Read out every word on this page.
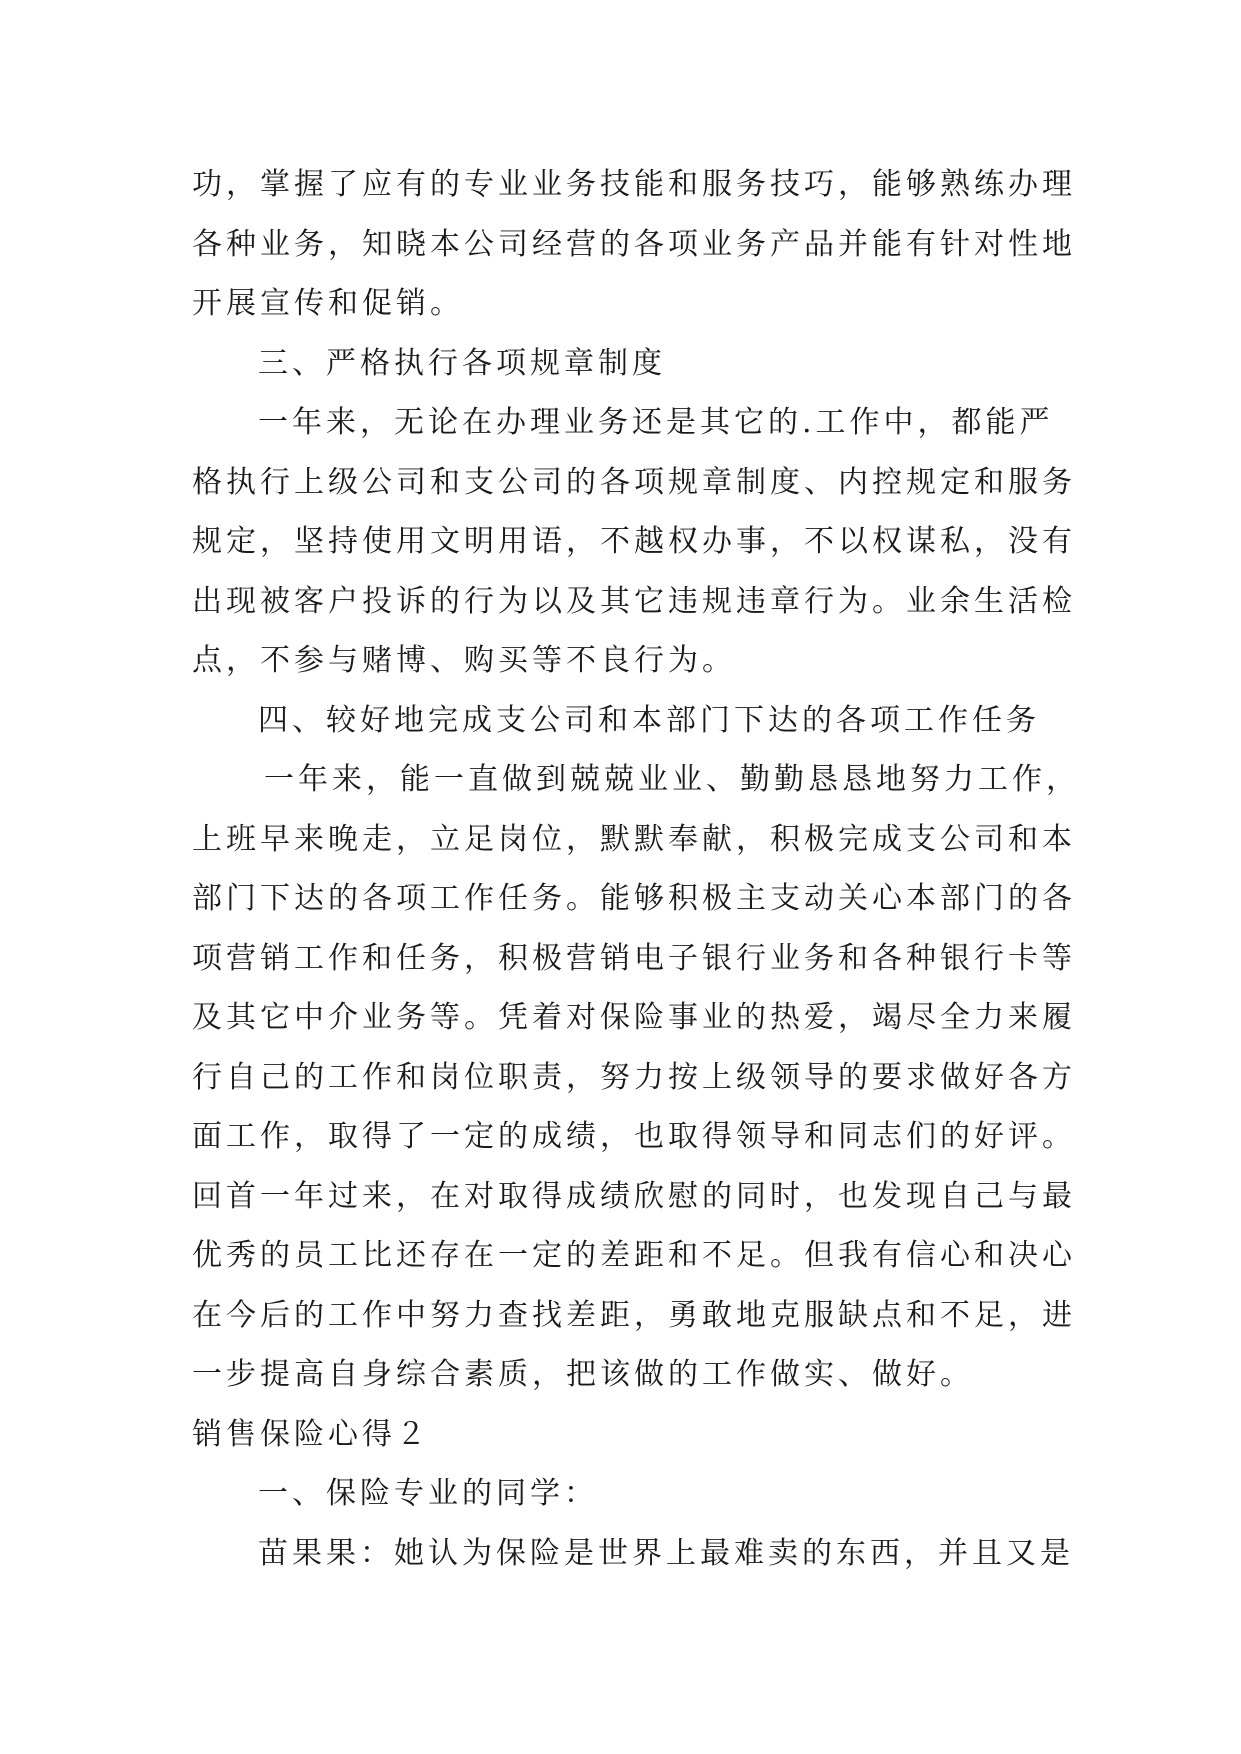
功，掌握了应有的专业业务技能和服务技巧，能够熟练办理
各种业务，知晓本公司经营的各项业务产品并能有针对性地
开展宣传和促销。
三、严格执行各项规章制度
一年来，无论在办理业务还是其它的.工作中，都能严
格执行上级公司和支公司的各项规章制度、内控规定和服务
规定，坚持使用文明用语，不越权办事，不以权谋私，没有
出现被客户投诉的行为以及其它违规违章行为。业余生活检
点，不参与赌博、购买等不良行为。
四、较好地完成支公司和本部门下达的各项工作任务
一年来，能一直做到兢兢业业、勤勤恳恳地努力工作，
上班早来晚走，立足岗位，默默奉献，积极完成支公司和本
部门下达的各项工作任务。能够积极主支动关心本部门的各
项营销工作和任务，积极营销电子银行业务和各种银行卡等
及其它中介业务等。凭着对保险事业的热爱，竭尽全力来履
行自己的工作和岗位职责，努力按上级领导的要求做好各方
面工作，取得了一定的成绩，也取得领导和同志们的好评。
回首一年过来，在对取得成绩欣慰的同时，也发现自己与最
优秀的员工比还存在一定的差距和不足。但我有信心和决心
在今后的工作中努力查找差距，勇敢地克服缺点和不足，进
一步提高自身综合素质，把该做的工作做实、做好。
销售保险心得２
一、保险专业的同学：
苗果果：她认为保险是世界上最难卖的东西，并且又是
